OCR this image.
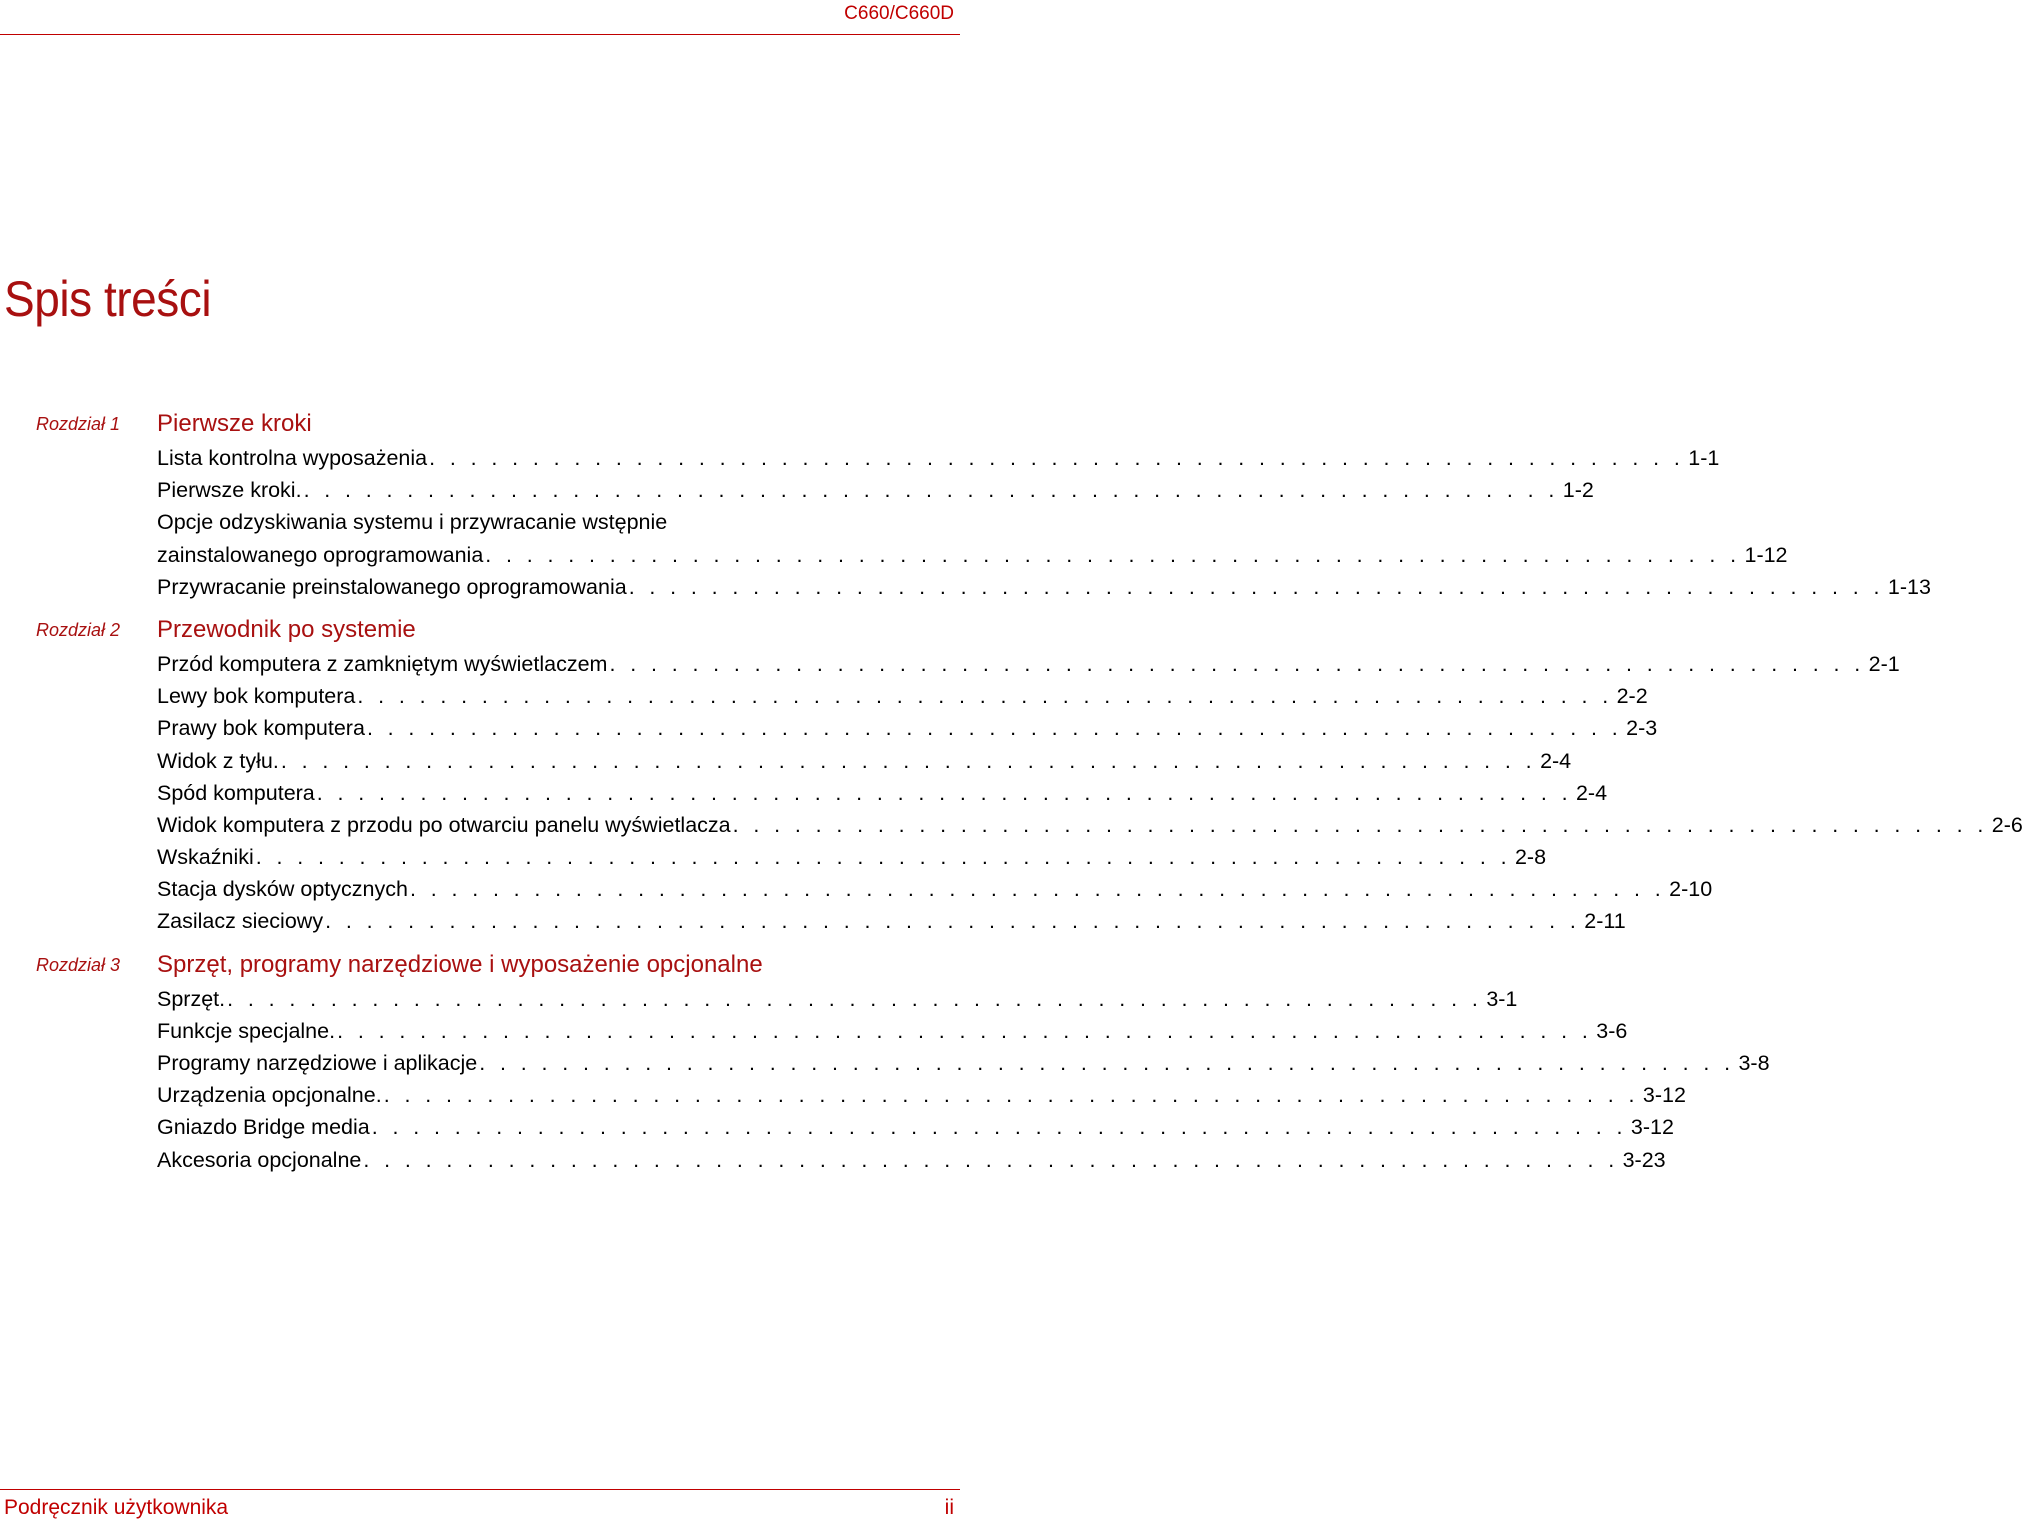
C660/C660D
Spis treści
Rozdział 1 Pierwsze kroki
Lista kontrolna wyposażenia . . . . . . . . . . . . . . . . . . . . . . . . . . . . . . . . . . . . . . . . . . . . . . . . . . . . . . . . . . . . . 1-1
Pierwsze kroki. . . . . . . . . . . . . . . . . . . . . . . . . . . . . . . . . . . . . . . . . . . . . . . . . . . . . . . . . . . . . . 1-2
Opcje odzyskiwania systemu i przywracanie wstępnie
zainstalowanego oprogramowania . . . . . . . . . . . . . . . . . . . . . . . . . . . . . . . . . . . . . . . . . . . . . . . . . . . . . . . . . . . . . 1-12
Przywracanie preinstalowanego oprogramowania . . . . . . . . . . . . . . . . . . . . . . . . . . . . . . . . . . . . . . . . . . . . . . . . . . . . . . . . . . . . . 1-13
Rozdział 2 Przewodnik po systemie
Przód komputera z zamkniętym wyświetlaczem . . . . . . . . . . . . . . . . . . . . . . . . . . . . . . . . . . . . . . . . . . . . . . . . . . . . . . . . . . . . . 2-1
Lewy bok komputera . . . . . . . . . . . . . . . . . . . . . . . . . . . . . . . . . . . . . . . . . . . . . . . . . . . . . . . . . . . . . 2-2
Prawy bok komputera . . . . . . . . . . . . . . . . . . . . . . . . . . . . . . . . . . . . . . . . . . . . . . . . . . . . . . . . . . . . . 2-3
Widok z tyłu. . . . . . . . . . . . . . . . . . . . . . . . . . . . . . . . . . . . . . . . . . . . . . . . . . . . . . . . . . . . . . 2-4
Spód komputera . . . . . . . . . . . . . . . . . . . . . . . . . . . . . . . . . . . . . . . . . . . . . . . . . . . . . . . . . . . . . 2-4
Widok komputera z przodu po otwarciu panelu wyświetlacza . . . . . . . . . . . . . . . . . . . . . . . . . . . . . . . . . . . . . . . . . . . . . . . . . . . . . . . . . . . . . 2-6
Wskaźniki . . . . . . . . . . . . . . . . . . . . . . . . . . . . . . . . . . . . . . . . . . . . . . . . . . . . . . . . . . . . . 2-8
Stacja dysków optycznych . . . . . . . . . . . . . . . . . . . . . . . . . . . . . . . . . . . . . . . . . . . . . . . . . . . . . . . . . . . . . 2-10
Zasilacz sieciowy . . . . . . . . . . . . . . . . . . . . . . . . . . . . . . . . . . . . . . . . . . . . . . . . . . . . . . . . . . . . . 2-11
Rozdział 3 Sprzęt, programy narzędziowe i wyposażenie opcjonalne
Sprzęt. . . . . . . . . . . . . . . . . . . . . . . . . . . . . . . . . . . . . . . . . . . . . . . . . . . . . . . . . . . . . . 3-1
Funkcje specjalne. . . . . . . . . . . . . . . . . . . . . . . . . . . . . . . . . . . . . . . . . . . . . . . . . . . . . . . . . . . . . . 3-6
Programy narzędziowe i aplikacje . . . . . . . . . . . . . . . . . . . . . . . . . . . . . . . . . . . . . . . . . . . . . . . . . . . . . . . . . . . . . 3-8
Urządzenia opcjonalne. . . . . . . . . . . . . . . . . . . . . . . . . . . . . . . . . . . . . . . . . . . . . . . . . . . . . . . . . . . . . . 3-12
Gniazdo Bridge media . . . . . . . . . . . . . . . . . . . . . . . . . . . . . . . . . . . . . . . . . . . . . . . . . . . . . . . . . . . . . 3-12
Akcesoria opcjonalne . . . . . . . . . . . . . . . . . . . . . . . . . . . . . . . . . . . . . . . . . . . . . . . . . . . . . . . . . . . . . 3-23
Podręcznik użytkownika	ii
